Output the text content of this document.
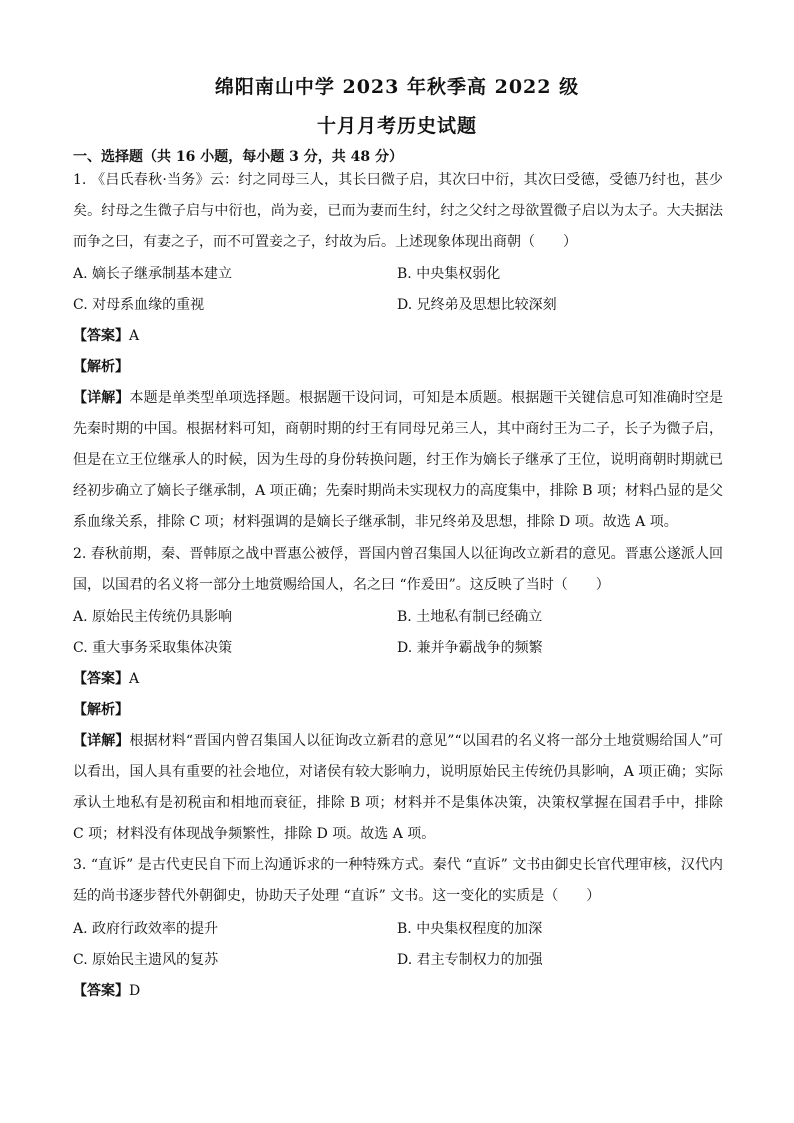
绵阳南山中学 2023 年秋季高 2022 级
十月月考历史试题
一、选择题（共 16 小题，每小题 3 分，共 48 分）
1. 《吕氏春秋·当务》云：纣之同母三人，其长曰微子启，其次曰中衍，其次曰受德，受德乃纣也，甚少矣。纣母之生微子启与中衍也，尚为妾，已而为妻而生纣，纣之父纣之母欲置微子启以为太子。大夫据法而争之曰，有妻之子，而不可置妾之子，纣故为后。上述现象体现出商朝（　　）
A. 嫡长子继承制基本建立	B. 中央集权弱化
C. 对母系血缘的重视	D. 兄终弟及思想比较深刻
【答案】A
【解析】
【详解】本题是单类型单项选择题。根据题干设问词，可知是本质题。根据题干关键信息可知准确时空是先秦时期的中国。根据材料可知，商朝时期的纣王有同母兄弟三人，其中商纣王为二子，长子为微子启，但是在立王位继承人的时候，因为生母的身份转换问题，纣王作为嫡长子继承了王位，说明商朝时期就已经初步确立了嫡长子继承制，A 项正确；先秦时期尚未实现权力的高度集中，排除 B 项；材料凸显的是父系血缘关系，排除 C 项；材料强调的是嫡长子继承制，非兄终弟及思想，排除 D 项。故选 A 项。
2. 春秋前期，秦、晋韩原之战中晋惠公被俘，晋国内曾召集国人以征询改立新君的意见。晋惠公遂派人回国，以国君的名义将一部分土地赏赐给国人，名之曰 “作爰田”。这反映了当时（　　）
A. 原始民主传统仍具影响	B. 土地私有制已经确立
C. 重大事务采取集体决策	D. 兼并争霸战争的频繁
【答案】A
【解析】
【详解】根据材料“晋国内曾召集国人以征询改立新君的意见”“以国君的名义将一部分土地赏赐给国人”可以看出，国人具有重要的社会地位，对诸侯有较大影响力，说明原始民主传统仍具影响，A 项正确；实际承认土地私有是初税亩和相地而衰征，排除 B 项；材料并不是集体决策，决策权掌握在国君手中，排除 C 项；材料没有体现战争频繁性，排除 D 项。故选 A 项。
3. “直诉” 是古代吏民自下而上沟通诉求的一种特殊方式。秦代 “直诉” 文书由御史长官代理审核，汉代内廷的尚书逐步替代外朝御史，协助天子处理 “直诉” 文书。这一变化的实质是（　　）
A. 政府行政效率的提升	B. 中央集权程度的加深
C. 原始民主遗风的复苏	D. 君主专制权力的加强
【答案】D
